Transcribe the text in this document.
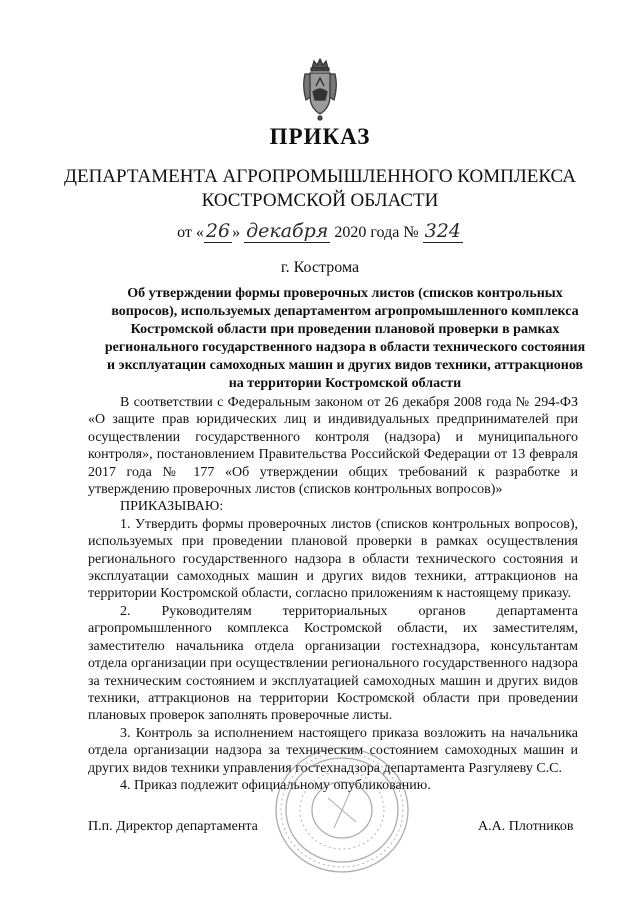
ПРИКАЗ
ДЕПАРТАМЕНТА АГРОПРОМЫШЛЕННОГО КОМПЛЕКСА
КОСТРОМСКОЙ ОБЛАСТИ
от « 26 » декабря 2020 года № 324
г. Кострома
Об утверждении формы проверочных листов (списков контрольных вопросов), используемых департаментом агропромышленного комплекса Костромской области при проведении плановой проверки в рамках регионального государственного надзора в области технического состояния и эксплуатации самоходных машин и других видов техники, аттракционов на территории Костромской области

В соответствии с Федеральным законом от 26 декабря 2008 года № 294-ФЗ «О защите прав юридических лиц и индивидуальных предпринимателей при осуществлении государственного контроля (надзора) и муниципального контроля», постановлением Правительства Российской Федерации от 13 февраля 2017 года № 177 «Об утверждении общих требований к разработке и утверждению проверочных листов (списков контрольных вопросов)»

ПРИКАЗЫВАЮ:

1. Утвердить формы проверочных листов (списков контрольных вопросов), используемых при проведении плановой проверки в рамках осуществления регионального государственного надзора в области технического состояния и эксплуатации самоходных машин и других видов техники, аттракционов на территории Костромской области, согласно приложениям к настоящему приказу.

2. Руководителям территориальных органов департамента агропромышленного комплекса Костромской области, их заместителям, заместителю начальника отдела организации гостехнадзора, консультантам отдела организации при осуществлении регионального государственного надзора за техническим состоянием и эксплуатацией самоходных машин и других видов техники, аттракционов на территории Костромской области при проведении плановых проверок заполнять проверочные листы.

3. Контроль за исполнением настоящего приказа возложить на начальника отдела организации надзора за техническим состоянием самоходных машин и других видов техники управления гостехнадзора департамента Разгуляеву С.С.

4. Приказ подлежит официальному опубликованию.

П.п. Директор департамента	А.А. Плотников
